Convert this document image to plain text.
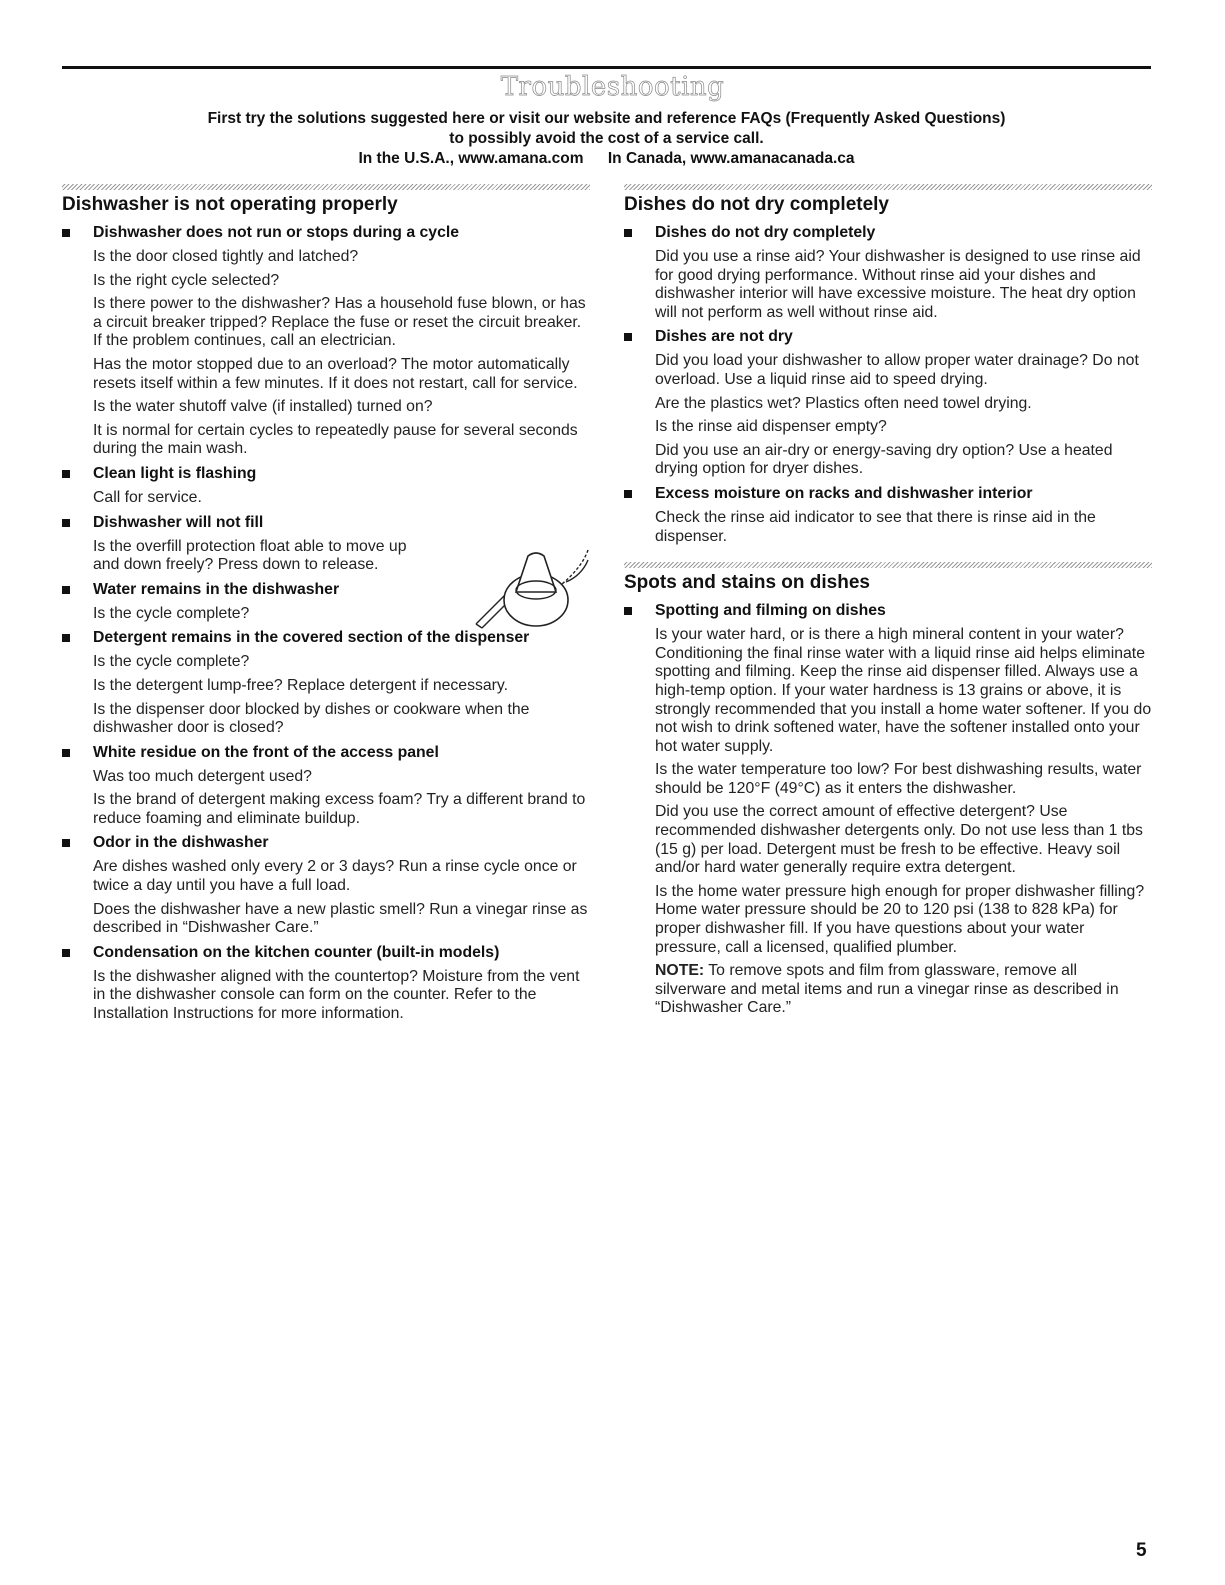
Troubleshooting
First try the solutions suggested here or visit our website and reference FAQs (Frequently Asked Questions)
to possibly avoid the cost of a service call.
In the U.S.A., www.amana.com In Canada, www.amanacanada.ca
Dishwasher is not operating properly
Dishwasher does not run or stops during a cycle

Is the door closed tightly and latched?

Is the right cycle selected?

Is there power to the dishwasher? Has a household fuse blown, or has a circuit breaker tripped? Replace the fuse or reset the circuit breaker. If the problem continues, call an electrician.

Has the motor stopped due to an overload? The motor automatically resets itself within a few minutes. If it does not restart, call for service.

Is the water shutoff valve (if installed) turned on?

It is normal for certain cycles to repeatedly pause for several seconds during the main wash.

Clean light is flashing

Call for service.

Dishwasher will not fill

Is the overfill protection float able to move up and down freely? Press down to release.

Water remains in the dishwasher

Is the cycle complete?

Detergent remains in the covered section of the dispenser

Is the cycle complete?

Is the detergent lump-free? Replace detergent if necessary.

Is the dispenser door blocked by dishes or cookware when the dishwasher door is closed?

White residue on the front of the access panel

Was too much detergent used?

Is the brand of detergent making excess foam? Try a different brand to reduce foaming and eliminate buildup.

Odor in the dishwasher

Are dishes washed only every 2 or 3 days? Run a rinse cycle once or twice a day until you have a full load.

Does the dishwasher have a new plastic smell? Run a vinegar rinse as described in “Dishwasher Care.”

Condensation on the kitchen counter (built-in models)

Is the dishwasher aligned with the countertop? Moisture from the vent in the dishwasher console can form on the counter. Refer to the Installation Instructions for more information.

Dishes do not dry completely
Dishes do not dry completely

Did you use a rinse aid? Your dishwasher is designed to use rinse aid for good drying performance. Without rinse aid your dishes and dishwasher interior will have excessive moisture. The heat dry option will not perform as well without rinse aid.

Dishes are not dry

Did you load your dishwasher to allow proper water drainage? Do not overload. Use a liquid rinse aid to speed drying.

Are the plastics wet? Plastics often need towel drying.

Is the rinse aid dispenser empty?

Did you use an air-dry or energy-saving dry option? Use a heated drying option for dryer dishes.

Excess moisture on racks and dishwasher interior

Check the rinse aid indicator to see that there is rinse aid in the dispenser.

Spots and stains on dishes
Spotting and filming on dishes

Is your water hard, or is there a high mineral content in your water? Conditioning the final rinse water with a liquid rinse aid helps eliminate spotting and filming. Keep the rinse aid dispenser filled. Always use a high-temp option. If your water hardness is 13 grains or above, it is strongly recommended that you install a home water softener. If you do not wish to drink softened water, have the softener installed onto your hot water supply.

Is the water temperature too low? For best dishwashing results, water should be 120°F (49°C) as it enters the dishwasher.

Did you use the correct amount of effective detergent? Use recommended dishwasher detergents only. Do not use less than 1 tbs (15 g) per load. Detergent must be fresh to be effective. Heavy soil and/or hard water generally require extra detergent.

Is the home water pressure high enough for proper dishwasher filling? Home water pressure should be 20 to 120 psi (138 to 828 kPa) for proper dishwasher fill. If you have questions about your water pressure, call a licensed, qualified plumber.

NOTE: To remove spots and film from glassware, remove all silverware and metal items and run a vinegar rinse as described in “Dishwasher Care.”

5
